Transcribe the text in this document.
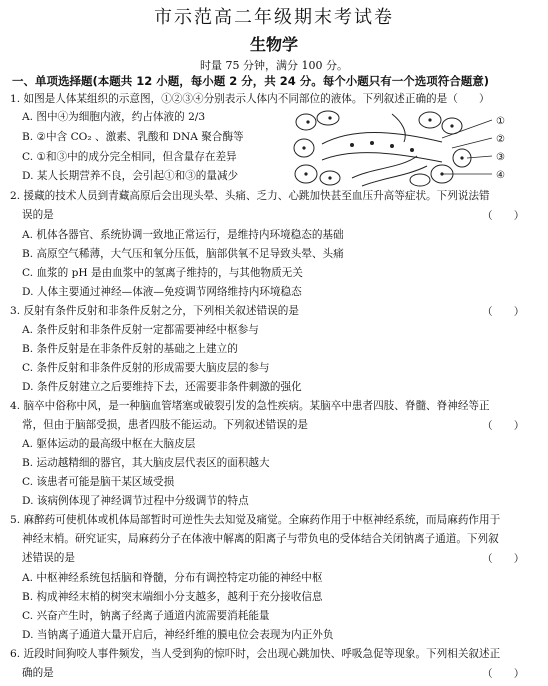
市示范高二年级期末考试卷
生物学
时量 75 分钟，满分 100 分。
一、单项选择题(本题共 12 小题，每小题 2 分，共 24 分。每个小题只有一个选项符合题意)
1. 如图是人体某组织的示意图，①②③④分别表示人体内不同部位的液体。下列叙述正确的是（　　）
A. 图中④为细胞内液，约占体液的 2/3
B. ②中含 CO₂ 、激素、乳酸和 DNA 聚合酶等
C. ①和③中的成分完全相同，但含量存在差异
D. 某人长期营养不良，会引起①和③的量减少
①
②
③
④
2. 援藏的技术人员到青藏高原后会出现头晕、头痛、乏力、心跳加快甚至血压升高等症状。下列说法错
误的是	（　　）
A. 机体各器官、系统协调一致地正常运行，是维持内环境稳态的基础
B. 高原空气稀薄，大气压和氧分压低，脑部供氧不足导致头晕、头痛
C. 血浆的 pH 是由血浆中的氢离子维持的，与其他物质无关
D. 人体主要通过神经—体液—免疫调节网络维持内环境稳态
3. 反射有条件反射和非条件反射之分，下列相关叙述错误的是	（　　）
A. 条件反射和非条件反射一定都需要神经中枢参与
B. 条件反射是在非条件反射的基础之上建立的
C. 条件反射和非条件反射的形成需要大脑皮层的参与
D. 条件反射建立之后要维持下去，还需要非条件刺激的强化
4. 脑卒中俗称中风，是一种脑血管堵塞或破裂引发的急性疾病。某脑卒中患者四肢、脊髓、脊神经等正
常，但由于脑部受损，患者四肢不能运动。下列叙述错误的是	（　　）
A. 躯体运动的最高级中枢在大脑皮层
B. 运动越精细的器官，其大脑皮层代表区的面积越大
C. 该患者可能是脑干某区域受损
D. 该病例体现了神经调节过程中分级调节的特点
5. 麻醉药可使机体或机体局部暂时可逆性失去知觉及痛觉。全麻药作用于中枢神经系统，而局麻药作用于
神经末梢。研究证实，局麻药分子在体液中解离的阳离子与带负电的受体结合关闭钠离子通道。下列叙
述错误的是	（　　）
A. 中枢神经系统包括脑和脊髓，分布有调控特定功能的神经中枢
B. 构成神经末梢的树突末端细小分支越多，越利于充分接收信息
C. 兴奋产生时，钠离子经离子通道内流需要消耗能量
D. 当钠离子通道大量开启后，神经纤维的膜电位会表现为内正外负
6. 近段时间狗咬人事件频发，当人受到狗的惊吓时，会出现心跳加快、呼吸急促等现象。下列相关叙述正
确的是	（　　）
